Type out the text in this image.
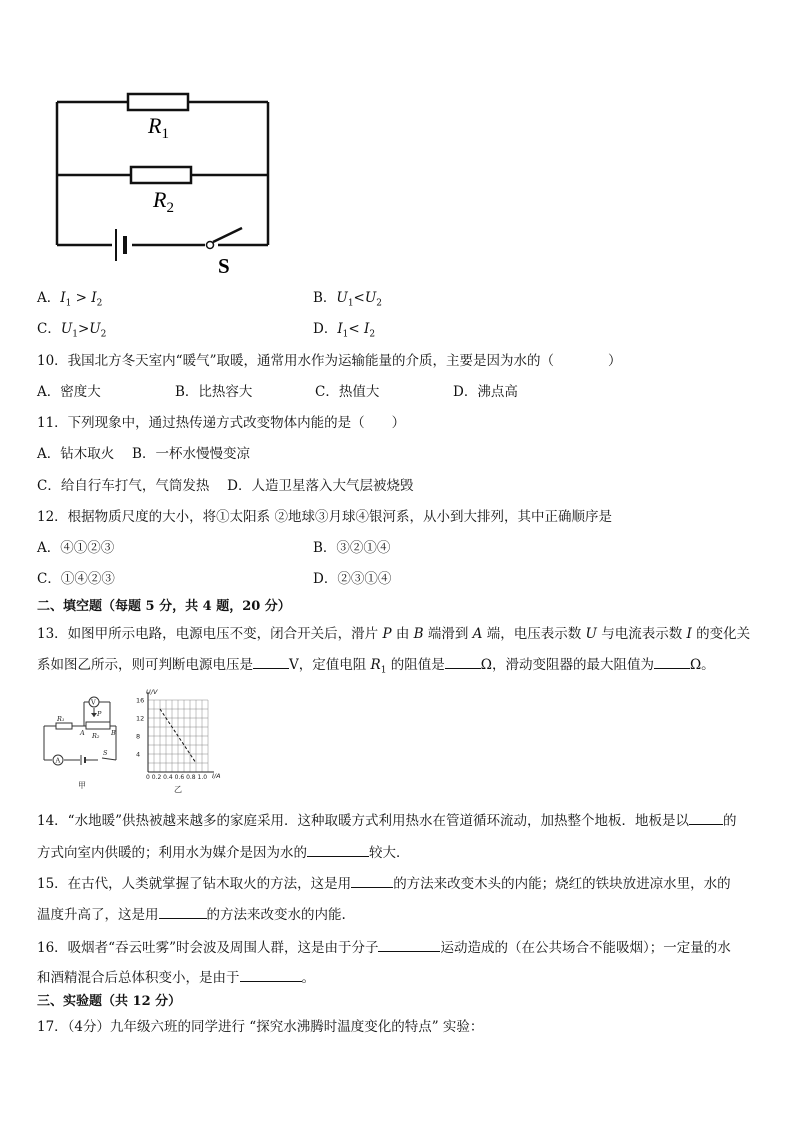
$R_1$
$R_2$
S
A．$I_1 > I_2$	B．$U_1<U_2$
C．$U_1>U_2$	D．$I_1< I_2$
10．我国北方冬天室内“暖气”取暖，通常用水作为运输能量的介质，主要是因为水的（　　　　）
A．密度大	B．比热容大	C．热值大	D．沸点高
11．下列现象中，通过热传递方式改变物体内能的是（　　）
A．钻木取火　 B．一杯水慢慢变凉
C．给自行车打气，气筒发热　 D．人造卫星落入大气层被烧毁
12．根据物质尺度的大小，将①太阳系 ②地球③月球④银河系，从小到大排列，其中正确顺序是
A．④①②③	B．③②①④
C．①④②③	D．②③①④
二、填空题（每题 5 分，共 4 题，20 分）
13．如图甲所示电路，电源电压不变，闭合开关后，滑片 P 由 B 端滑到 A 端，电压表示数 U 与电流表示数 I 的变化关
系如图乙所示，则可判断电源电压是	V，定值电阻 $R_1$ 的阻值是	Ω，滑动变阻器的最大阻值为	Ω。
V
A
R₁
P
A	B
R₂
S
甲
U/V
I/A
0 0.2 0.4 0.6 0.8 1.0
乙
16
12
8
4
14．“水地暖”供热被越来越多的家庭采用．这种取暖方式利用热水在管道循环流动，加热整个地板．地板是以	的
方式向室内供暖的；利用水为媒介是因为水的	较大．
15．在古代，人类就掌握了钻木取火的方法，这是用	的方法来改变木头的内能；烧红的铁块放进凉水里，水的
温度升高了，这是用	的方法来改变水的内能.
16．吸烟者“吞云吐雾”时会波及周围人群，这是由于分子	运动造成的（在公共场合不能吸烟）；一定量的水
和酒精混合后总体积变小，是由于	。
三、实验题（共 12 分）
17．（4分）九年级六班的同学进行 “探究水沸腾时温度变化的特点” 实验：
